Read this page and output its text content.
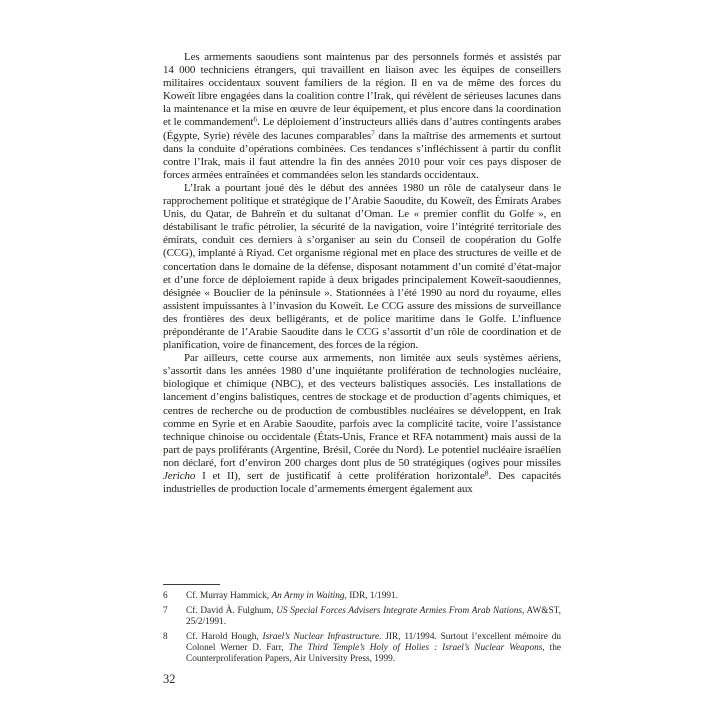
Les armements saoudiens sont maintenus par des personnels formés et assistés par 14 000 techniciens étrangers, qui travaillent en liaison avec les équipes de conseillers militaires occidentaux souvent familiers de la région. Il en va de même des forces du Koweït libre engagées dans la coalition contre l’Irak, qui révèlent de sérieuses lacunes dans la maintenance et la mise en œuvre de leur équipement, et plus encore dans la coordination et le commandement$^6$. Le déploiement d’instructeurs alliés dans d’autres contingents arabes (Égypte, Syrie) révèle des lacunes comparables$^7$ dans la maîtrise des armements et surtout dans la conduite d’opérations combinées. Ces tendances s’infléchissent à partir du conflit contre l’Irak, mais il faut attendre la fin des années 2010 pour voir ces pays disposer de forces armées entraînées et commandées selon les standards occidentaux.

L’Irak a pourtant joué dès le début des années 1980 un rôle de catalyseur dans le rapprochement politique et stratégique de l’Arabie Saoudite, du Koweït, des Émirats Arabes Unis, du Qatar, de Bahreïn et du sultanat d’Oman. Le « premier conflit du Golfe », en déstabilisant le trafic pétrolier, la sécurité de la navigation, voire l’intégrité territoriale des émirats, conduit ces derniers à s’organiser au sein du Conseil de coopération du Golfe (CCG), implanté à Riyad. Cet organisme régional met en place des structures de veille et de concertation dans le domaine de la défense, disposant notamment d’un comité d’état-major et d’une force de déploiement rapide à deux brigades principalement Koweït-saoudiennes, désignée « Bouclier de la péninsule ». Stationnées à l’été 1990 au nord du royaume, elles assistent impuissantes à l’invasion du Koweït. Le CCG assure des missions de surveillance des frontières des deux belligérants, et de police maritime dans le Golfe. L’influence prépondérante de l’Arabie Saoudite dans le CCG s’assortit d’un rôle de coordination et de planification, voire de financement, des forces de la région.

Par ailleurs, cette course aux armements, non limitée aux seuls systèmes aériens, s’assortit dans les années 1980 d’une inquiétante prolifération de technologies nucléaire, biologique et chimique (NBC), et des vecteurs balistiques associés. Les installations de lancement d’engins balistiques, centres de stockage et de production d’agents chimiques, et centres de recherche ou de production de combustibles nucléaires se développent, en Irak comme en Syrie et en Arabie Saoudite, parfois avec la complicité tacite, voire l’assistance technique chinoise ou occidentale (États-Unis, France et RFA notamment) mais aussi de la part de pays proliférants (Argentine, Brésil, Corée du Nord). Le potentiel nucléaire israélien non déclaré, fort d’environ 200 charges dont plus de 50 stratégiques (ogives pour missiles Jericho I et II), sert de justificatif à cette prolifération horizontale$^8$. Des capacités industrielles de production locale d’armements émergent également aux

6	Cf. Murray Hammick, An Army in Waiting, IDR, 1/1991.
7	Cf. David À. Fulghum, US Special Forces Advisers Integrate Armies From Arab Nations, AW&ST, 25/2/1991.
8	Cf. Harold Hough, Israel’s Nuclear Infrastructure. JIR, 11/1994. Surtout l’excellent mémoire du Colonel Werner D. Farr, The Third Temple’s Holy of Holies : Israel’s Nuclear Weapons, the Counterproliferation Papers, Air University Press, 1999.
32
